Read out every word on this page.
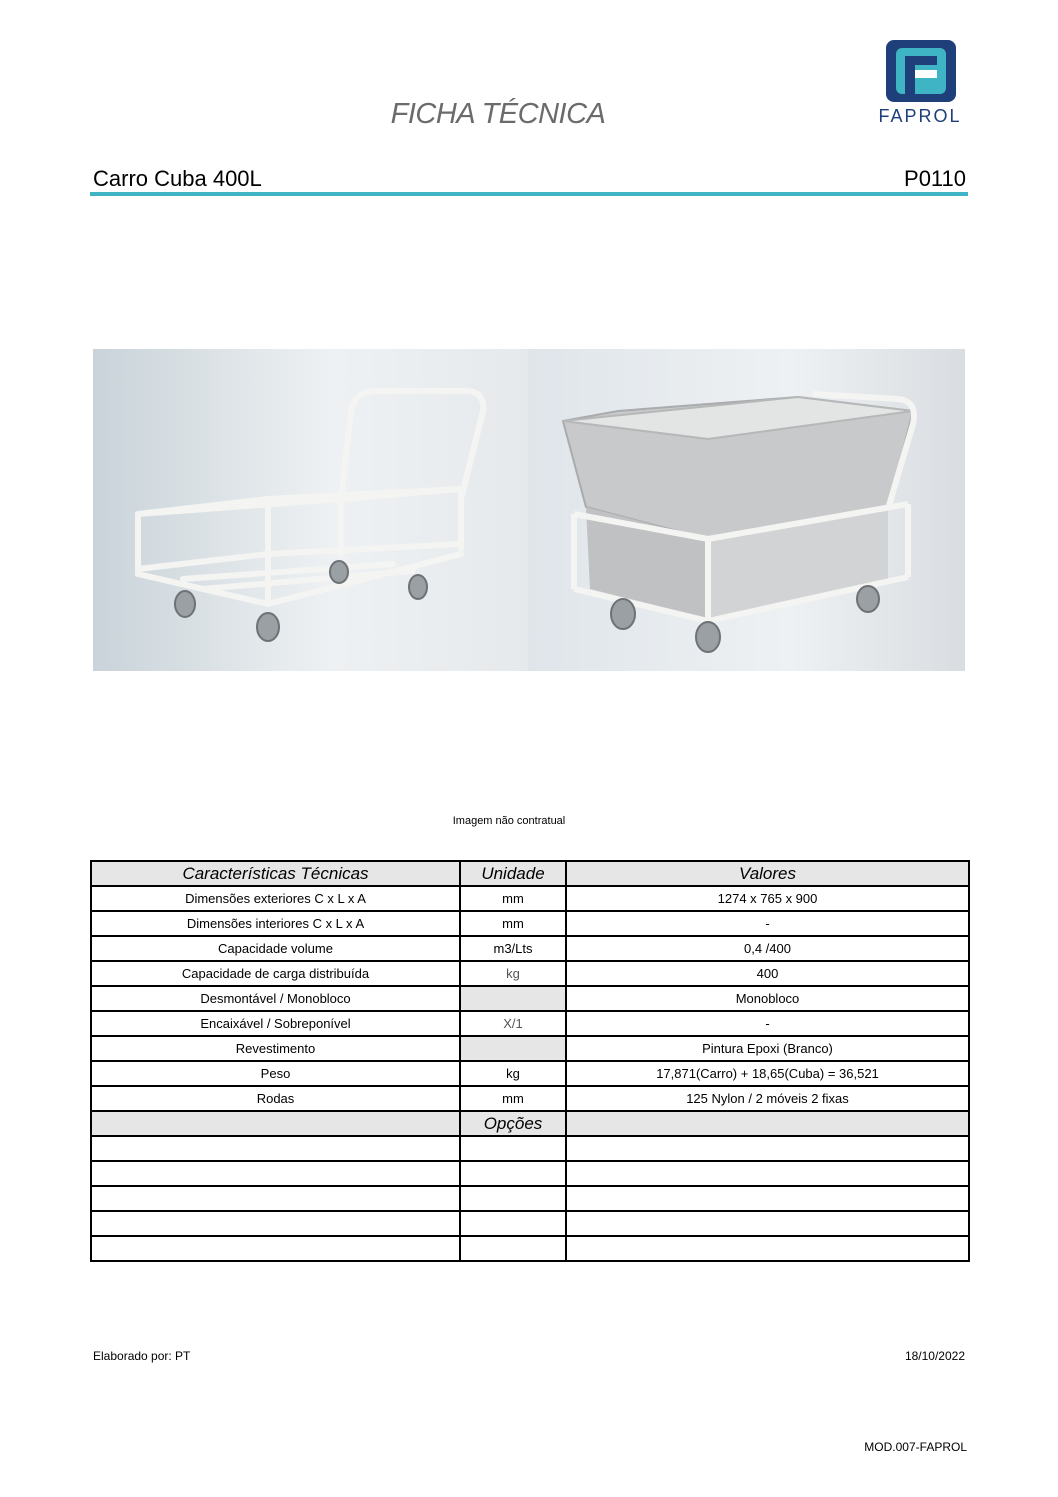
FICHA TÉCNICA	FAPROL
Carro Cuba 400L	P0110
Imagem não contratual
Características Técnicas	Unidade	Valores
Dimensões exteriores C x L x A	mm	1274 x 765 x 900
Dimensões interiores C x L x A	mm	-
Capacidade volume	m3/Lts	0,4 /400
Capacidade de carga distribuída	kg	400
Desmontável / Monobloco		Monobloco
Encaixável / Sobreponível	X/1	-
Revestimento		Pintura Epoxi (Branco)
Peso	kg	17,871(Carro) + 18,65(Cuba) = 36,521
Rodas	mm	125 Nylon / 2 móveis 2 fixas
	Opções	

Elaborado por: PT	18/10/2022
MOD.007-FAPROL
